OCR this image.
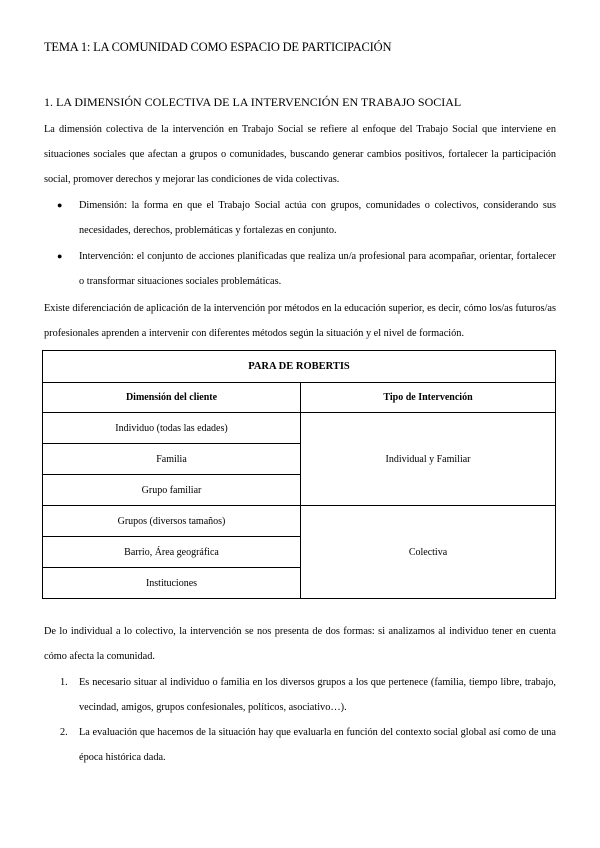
TEMA 1: LA COMUNIDAD COMO ESPACIO DE PARTICIPACIÓN
1. LA DIMENSIÓN COLECTIVA DE LA INTERVENCIÓN EN TRABAJO SOCIAL

La dimensión colectiva de la intervención en Trabajo Social se refiere al enfoque del Trabajo Social que interviene en situaciones sociales que afectan a grupos o comunidades, buscando generar cambios positivos, fortalecer la participación social, promover derechos y mejorar las condiciones de vida colectivas.

● Dimensión: la forma en que el Trabajo Social actúa con grupos, comunidades o colectivos, considerando sus necesidades, derechos, problemáticas y fortalezas en conjunto.
● Intervención: el conjunto de acciones planificadas que realiza un/a profesional para acompañar, orientar, fortalecer o transformar situaciones sociales problemáticas.

Existe diferenciación de aplicación de la intervención por métodos en la educación superior, es decir, cómo los/as futuros/as profesionales aprenden a intervenir con diferentes métodos según la situación y el nivel de formación.

PARA DE ROBERTIS	
Dimensión del cliente	Tipo de Intervención
Individuo (todas las edades)	Individual y Familiar
Familia	
Grupo familiar	
Grupos (diversos tamaños)	Colectiva
Barrio, Área geográfica	
Instituciones	

De lo individual a lo colectivo, la intervención se nos presenta de dos formas: si analizamos al individuo tener en cuenta cómo afecta la comunidad.

1. Es necesario situar al individuo o familia en los diversos grupos a los que pertenece (familia, tiempo libre, trabajo, vecindad, amigos, grupos confesionales, políticos, asociativo…).
2. La evaluación que hacemos de la situación hay que evaluarla en función del contexto social global así como de una época histórica dada.
